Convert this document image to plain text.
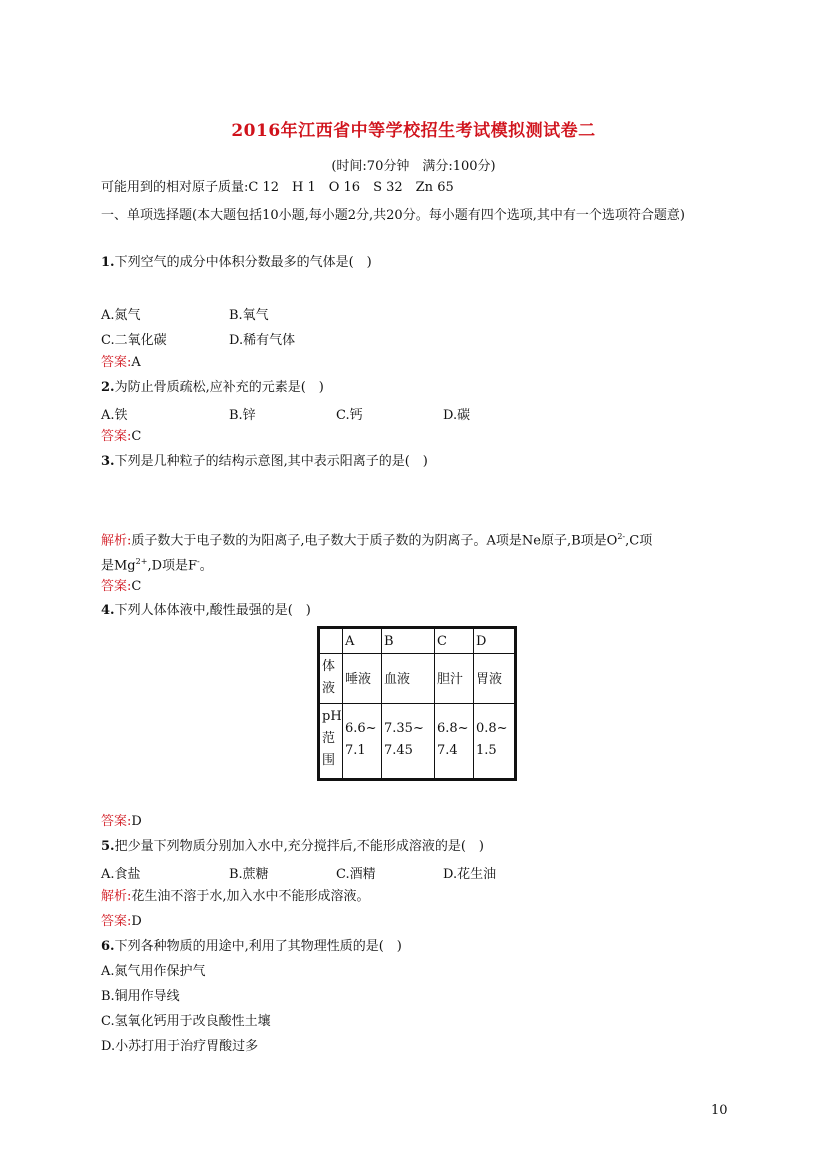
2016年江西省中等学校招生考试模拟测试卷二
(时间:70分钟　满分:100分)
可能用到的相对原子质量:C 12　H 1　O 16　S 32　Zn 65
一、单项选择题(本大题包括10小题,每小题2分,共20分。每小题有四个选项,其中有一个选项符合题意)
1.下列空气的成分中体积分数最多的气体是(　)
A.氮气	B.氧气
C.二氧化碳	D.稀有气体
答案:A
2.为防止骨质疏松,应补充的元素是(　)
A.铁	B.锌	C.钙	D.碳
答案:C
3.下列是几种粒子的结构示意图,其中表示阳离子的是(　)
解析:质子数大于电子数的为阳离子,电子数大于质子数的为阴离子。A项是Ne原子,B项是$O^{2-},C$项
是$Mg^{2+},D$项是F-。
答案:C
4.下列人体体液中,酸性最强的是(　)
	A	B	C	D
体液	唾液	血液	胆汁	胃液
pH范围	6.6~7.1	7.35~7.45	6.8~7.4	0.8~1.5
答案:D
5.把少量下列物质分别加入水中,充分搅拌后,不能形成溶液的是(　)
A.食盐	B.蔗糖	C.酒精	D.花生油
解析:花生油不溶于水,加入水中不能形成溶液。
答案:D
6.下列各种物质的用途中,利用了其物理性质的是(　)
A.氮气用作保护气
B.铜用作导线
C.氢氧化钙用于改良酸性土壤
D.小苏打用于治疗胃酸过多
10
